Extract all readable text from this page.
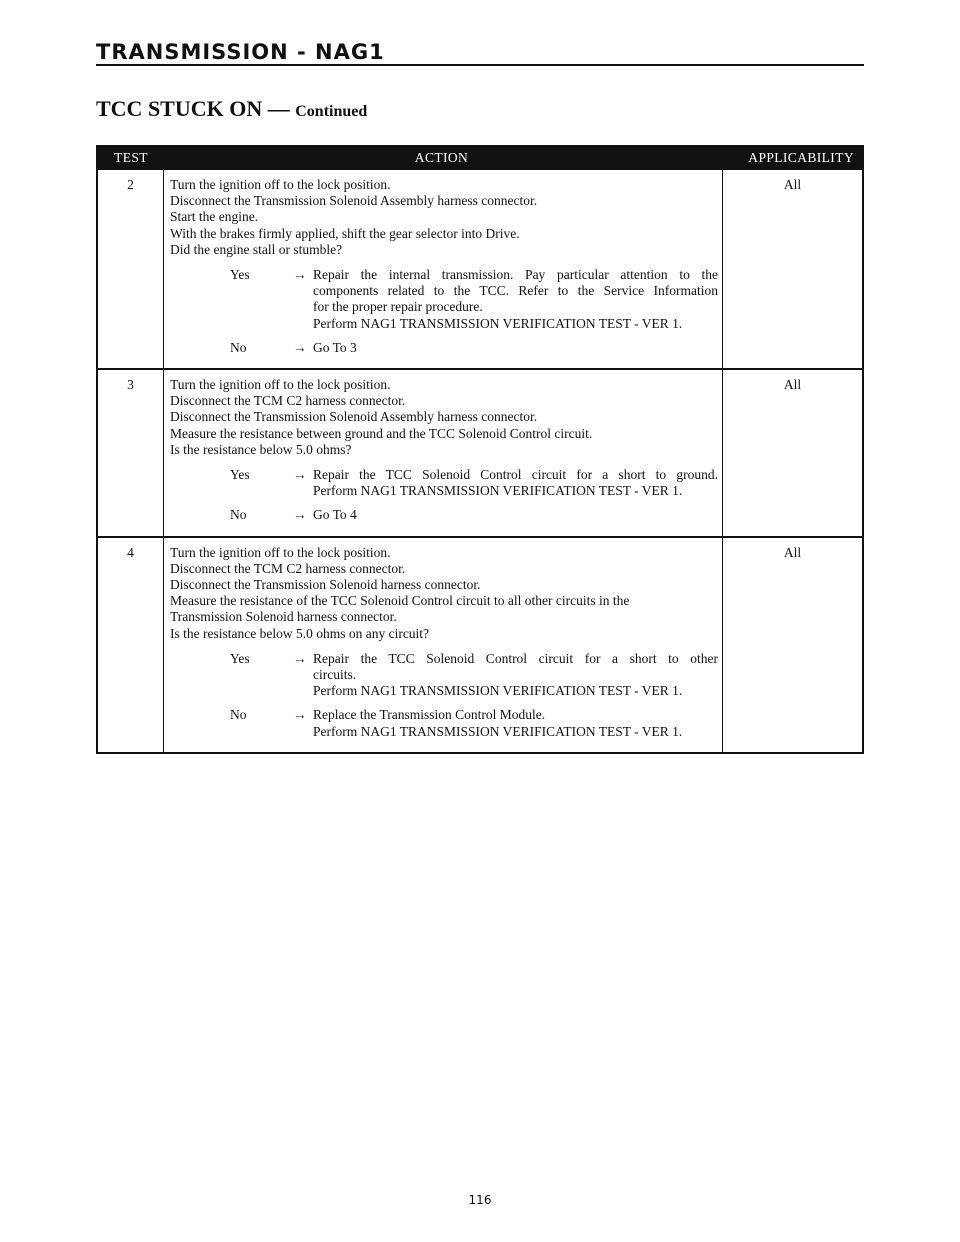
TRANSMISSION - NAG1
TCC STUCK ON — Continued
TEST	ACTION	APPLICABILITY
2	Turn the ignition off to the lock position.
Disconnect the Transmission Solenoid Assembly harness connector.
Start the engine.
With the brakes firmly applied, shift the gear selector into Drive.
Did the engine stall or stumble?
Yes	→ Repair the internal transmission. Pay particular attention to the
components related to the TCC. Refer to the Service Information
for the proper repair procedure.
Perform NAG1 TRANSMISSION VERIFICATION TEST - VER 1.
No	→ Go To 3
All
3	Turn the ignition off to the lock position.
Disconnect the TCM C2 harness connector.
Disconnect the Transmission Solenoid Assembly harness connector.
Measure the resistance between ground and the TCC Solenoid Control circuit.
Is the resistance below 5.0 ohms?
Yes	→ Repair the TCC Solenoid Control circuit for a short to ground.
Perform NAG1 TRANSMISSION VERIFICATION TEST - VER 1.
No	→ Go To 4
All
4	Turn the ignition off to the lock position.
Disconnect the TCM C2 harness connector.
Disconnect the Transmission Solenoid harness connector.
Measure the resistance of the TCC Solenoid Control circuit to all other circuits in the
Transmission Solenoid harness connector.
Is the resistance below 5.0 ohms on any circuit?
Yes	→ Repair the TCC Solenoid Control circuit for a short to other
circuits.
Perform NAG1 TRANSMISSION VERIFICATION TEST - VER 1.
No	→ Replace the Transmission Control Module.
Perform NAG1 TRANSMISSION VERIFICATION TEST - VER 1.
All
116
